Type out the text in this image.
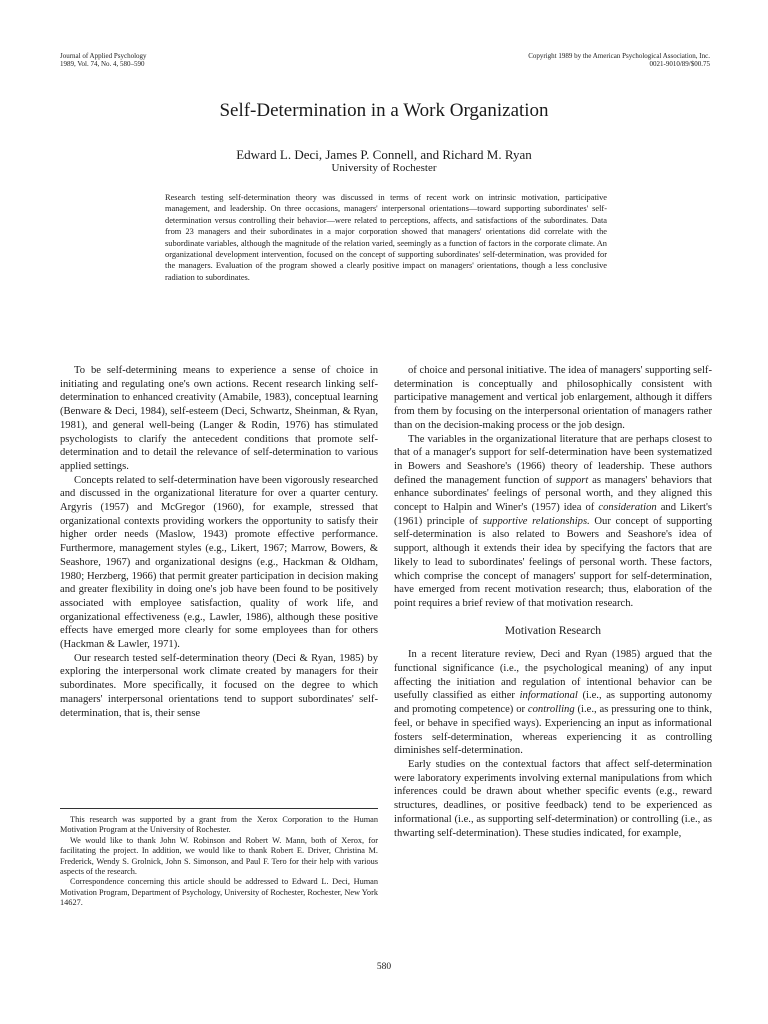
Journal of Applied Psychology
1989, Vol. 74, No. 4, 580–590
Copyright 1989 by the American Psychological Association, Inc.
0021-9010/89/$00.75
Self-Determination in a Work Organization
Edward L. Deci, James P. Connell, and Richard M. Ryan
University of Rochester
Research testing self-determination theory was discussed in terms of recent work on intrinsic motivation, participative management, and leadership. On three occasions, managers' interpersonal orientations—toward supporting subordinates' self-determination versus controlling their behavior—were related to perceptions, affects, and satisfactions of the subordinates. Data from 23 managers and their subordinates in a major corporation showed that managers' orientations did correlate with the subordinate variables, although the magnitude of the relation varied, seemingly as a function of factors in the corporate climate. An organizational development intervention, focused on the concept of supporting subordinates' self-determination, was provided for the managers. Evaluation of the program showed a clearly positive impact on managers' orientations, though a less conclusive radiation to subordinates.

To be self-determining means to experience a sense of choice in initiating and regulating one's own actions. Recent research linking self-determination to enhanced creativity (Amabile, 1983), conceptual learning (Benware & Deci, 1984), self-esteem (Deci, Schwartz, Sheinman, & Ryan, 1981), and general well-being (Langer & Rodin, 1976) has stimulated psychologists to clarify the antecedent conditions that promote self-determination and to detail the relevance of self-determination to various applied settings.

Concepts related to self-determination have been vigorously researched and discussed in the organizational literature for over a quarter century. Argyris (1957) and McGregor (1960), for example, stressed that organizational contexts providing workers the opportunity to satisfy their higher order needs (Maslow, 1943) promote effective performance. Furthermore, management styles (e.g., Likert, 1967; Marrow, Bowers, & Seashore, 1967) and organizational designs (e.g., Hackman & Oldham, 1980; Herzberg, 1966) that permit greater participation in decision making and greater flexibility in doing one's job have been found to be positively associated with employee satisfaction, quality of work life, and organizational effectiveness (e.g., Lawler, 1986), although these positive effects have emerged more clearly for some employees than for others (Hackman & Lawler, 1971).

Our research tested self-determination theory (Deci & Ryan, 1985) by exploring the interpersonal work climate created by managers for their subordinates. More specifically, it focused on the degree to which managers' interpersonal orientations tend to support subordinates' self-determination, that is, their sense

This research was supported by a grant from the Xerox Corporation to the Human Motivation Program at the University of Rochester.

We would like to thank John W. Robinson and Robert W. Mann, both of Xerox, for facilitating the project. In addition, we would like to thank Robert E. Driver, Christina M. Frederick, Wendy S. Grolnick, John S. Simonson, and Paul F. Tero for their help with various aspects of the research.

Correspondence concerning this article should be addressed to Edward L. Deci, Human Motivation Program, Department of Psychology, University of Rochester, Rochester, New York 14627.

of choice and personal initiative. The idea of managers' supporting self-determination is conceptually and philosophically consistent with participative management and vertical job enlargement, although it differs from them by focusing on the interpersonal orientation of managers rather than on the decision-making process or the job design.

The variables in the organizational literature that are perhaps closest to that of a manager's support for self-determination have been systematized in Bowers and Seashore's (1966) theory of leadership. These authors defined the management function of support as managers' behaviors that enhance subordinates' feelings of personal worth, and they aligned this concept to Halpin and Winer's (1957) idea of consideration and Likert's (1961) principle of supportive relationships. Our concept of supporting self-determination is also related to Bowers and Seashore's idea of support, although it extends their idea by specifying the factors that are likely to lead to subordinates' feelings of personal worth. These factors, which comprise the concept of managers' support for self-determination, have emerged from recent motivation research; thus, elaboration of the point requires a brief review of that motivation research.

Motivation Research

In a recent literature review, Deci and Ryan (1985) argued that the functional significance (i.e., the psychological meaning) of any input affecting the initiation and regulation of intentional behavior can be usefully classified as either informational (i.e., as supporting autonomy and promoting competence) or controlling (i.e., as pressuring one to think, feel, or behave in specified ways). Experiencing an input as informational fosters self-determination, whereas experiencing it as controlling diminishes self-determination.

Early studies on the contextual factors that affect self-determination were laboratory experiments involving external manipulations from which inferences could be drawn about whether specific events (e.g., reward structures, deadlines, or positive feedback) tend to be experienced as informational (i.e., as supporting self-determination) or controlling (i.e., as thwarting self-determination). These studies indicated, for example,

580
